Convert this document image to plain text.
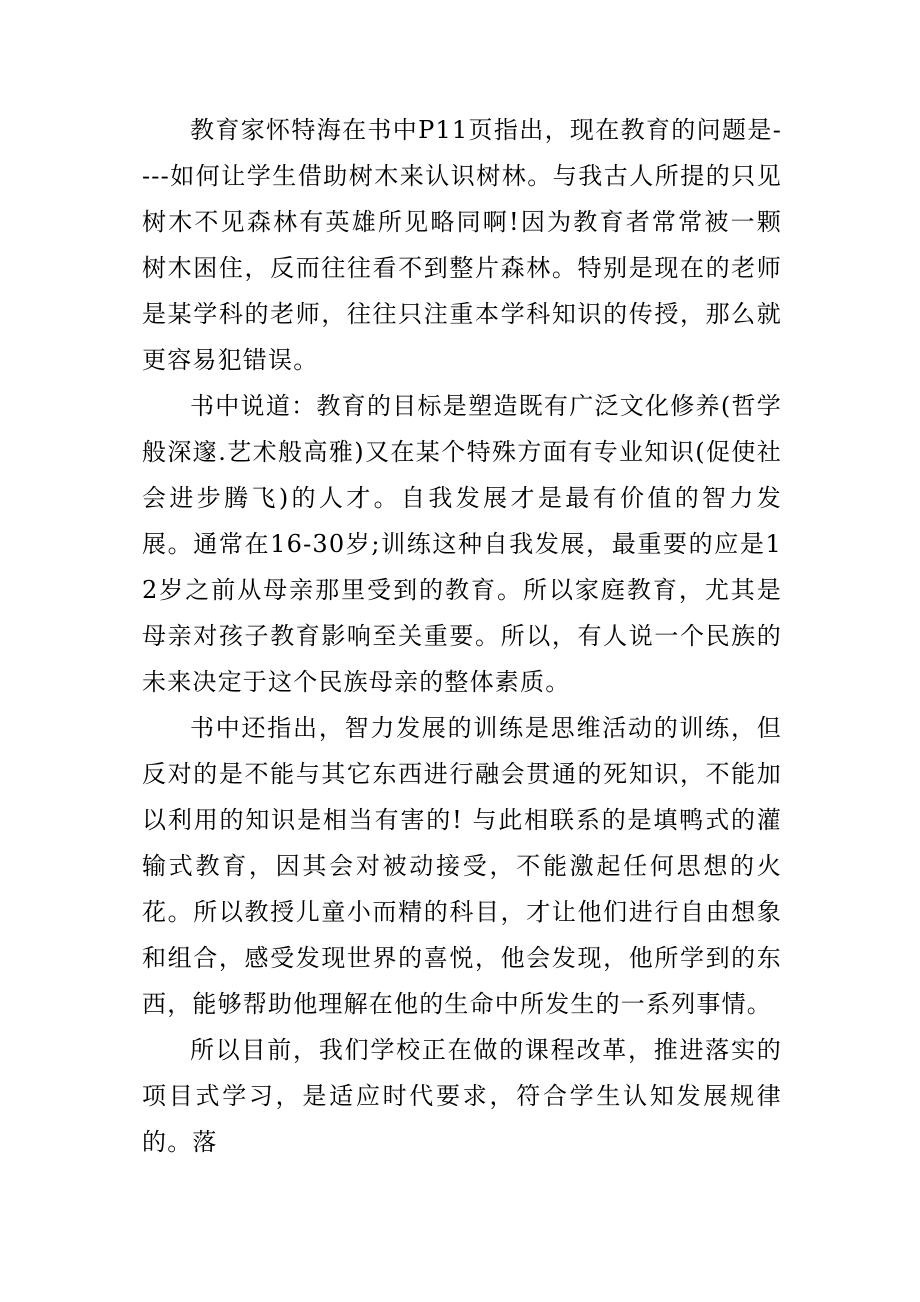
教育家怀特海在书中P11页指出，现在教育的问题是----如何让学生借助树木来认识树林。与我古人所提的只见树木不见森林有英雄所见略同啊!因为教育者常常被一颗树木困住，反而往往看不到整片森林。特别是现在的老师是某学科的老师，往往只注重本学科知识的传授，那么就更容易犯错误。

书中说道：教育的目标是塑造既有广泛文化修养(哲学般深邃.艺术般高雅)又在某个特殊方面有专业知识(促使社会进步腾飞)的人才。自我发展才是最有价值的智力发展。通常在16-30岁;训练这种自我发展，最重要的应是12岁之前从母亲那里受到的教育。所以家庭教育，尤其是母亲对孩子教育影响至关重要。所以，有人说一个民族的未来决定于这个民族母亲的整体素质。

书中还指出，智力发展的训练是思维活动的训练，但反对的是不能与其它东西进行融会贯通的死知识，不能加以利用的知识是相当有害的! 与此相联系的是填鸭式的灌输式教育，因其会对被动接受，不能激起任何思想的火花。所以教授儿童小而精的科目，才让他们进行自由想象和组合，感受发现世界的喜悦，他会发现，他所学到的东西，能够帮助他理解在他的生命中所发生的一系列事情。

所以目前，我们学校正在做的课程改革，推进落实的项目式学习，是适应时代要求，符合学生认知发展规律的。落
